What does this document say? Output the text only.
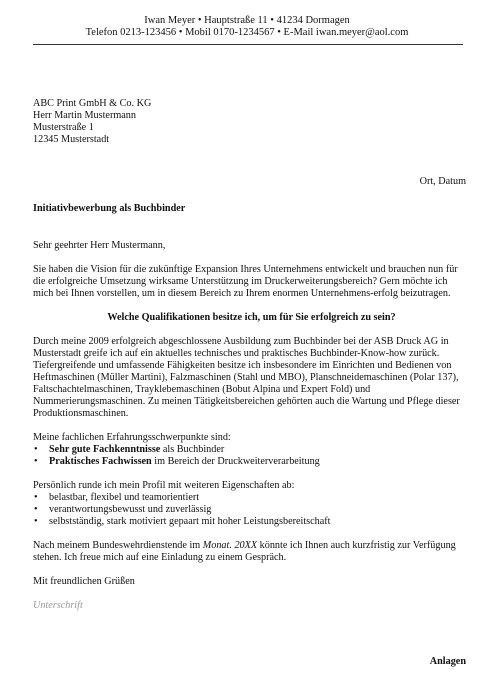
Iwan Meyer • Hauptstraße 11 • 41234 Dormagen
Telefon 0213-123456 • Mobil 0170-1234567 • E-Mail iwan.meyer@aol.com
ABC Print GmbH & Co. KG
Herr Martin Mustermann
Musterstraße 1
12345 Musterstadt
Ort, Datum
Initiativbewerbung als Buchbinder

Sehr geehrter Herr Mustermann,

Sie haben die Vision für die zukünftige Expansion Ihres Unternehmens entwickelt und brauchen nun für die erfolgreiche Umsetzung wirksame Unterstützung im Druckerweiterungsbereich? Gern möchte ich mich bei Ihnen vorstellen, um in diesem Bereich zu Ihrem enormen Unternehmens-erfolg beizutragen.

Welche Qualifikationen besitze ich, um für Sie erfolgreich zu sein?

Durch meine 2009 erfolgreich abgeschlossene Ausbildung zum Buchbinder bei der ASB Druck AG in Musterstadt greife ich auf ein aktuelles technisches und praktisches Buchbinder-Know-how zurück. Tiefergreifende und umfassende Fähigkeiten besitze ich insbesondere im Einrichten und Bedienen von Heftmaschinen (Müller Martini), Falzmaschinen (Stahl und MBO), Planschneidemaschinen (Polar 137), Faltschachtelmaschinen, Trayklebemaschinen (Bobut Alpina und Expert Fold) und Nummerierungsmaschinen. Zu meinen Tätigkeitsbereichen gehörten auch die Wartung und Pflege dieser Produktionsmaschinen.

Meine fachlichen Erfahrungsschwerpunkte sind:
• Sehr gute Fachkenntnisse als Buchbinder
• Praktisches Fachwissen im Bereich der Druckweiterverarbeitung
Persönlich runde ich mein Profil mit weiteren Eigenschaften ab:
• belastbar, flexibel und teamorientiert
• verantwortungsbewusst und zuverlässig
• selbstständig, stark motiviert gepaart mit hoher Leistungsbereitschaft

Nach meinem Bundeswehrdienstende im Monat. 20XX könnte ich Ihnen auch kurzfristig zur Verfügung stehen. Ich freue mich auf eine Einladung zu einem Gespräch.

Mit freundlichen Grüßen

Unterschrift
Anlagen
